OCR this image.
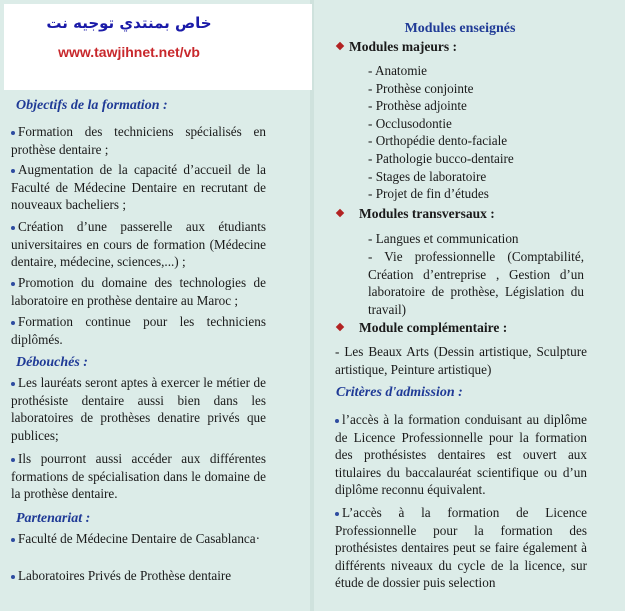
خاص بمنتدي توجيه نت
www.tawjihnet.net/vb
Objectifs de la formation :
Formation des techniciens spécialisés en prothèse dentaire ;
Augmentation de la capacité d’accueil de la Faculté de Médecine Dentaire en recrutant de nouveaux bacheliers ;
Création d’une passerelle aux étudiants universitaires en cours de formation (Médecine dentaire, médecine, sciences,...) ;
Promotion du domaine des technologies de laboratoire en prothèse dentaire au Maroc ;
Formation continue pour les techniciens diplômés.
Débouchés :
Les lauréats seront aptes à exercer le métier de prothésiste dentaire aussi bien dans les laboratoires de prothèses denatire privés que publices;
Ils pourront aussi accéder aux différentes formations de spécialisation dans le domaine de la prothèse dentaire.
Partenariat :
Faculté de Médecine Dentaire de Casablanca·
Laboratoires Privés de Prothèse dentaire
Modules enseignés
Modules majeurs :
- Anatomie
- Prothèse conjointe
- Prothèse adjointe
- Occlusodontie
- Orthopédie dento-faciale
- Pathologie bucco-dentaire
- Stages de laboratoire
- Projet de fin d’études
Modules transversaux :
- Langues et communication
- Vie professionnelle (Comptabilité, Création d’entreprise , Gestion d’un laboratoire de prothèse, Législation du travail)
Module complémentaire :
- Les Beaux Arts (Dessin artistique, Sculpture artistique, Peinture artistique)
Critères d'admission :
l’accès à la formation conduisant au diplôme de Licence Professionnelle pour la formation des prothésistes dentaires est ouvert aux titulaires du baccalauréat scientifique ou d’un diplôme reconnu équivalent.
L’accès à la formation de Licence Professionnelle pour la formation des prothésistes dentaires peut se faire également à différents niveaux du cycle de la licence, sur étude de dossier puis selection
